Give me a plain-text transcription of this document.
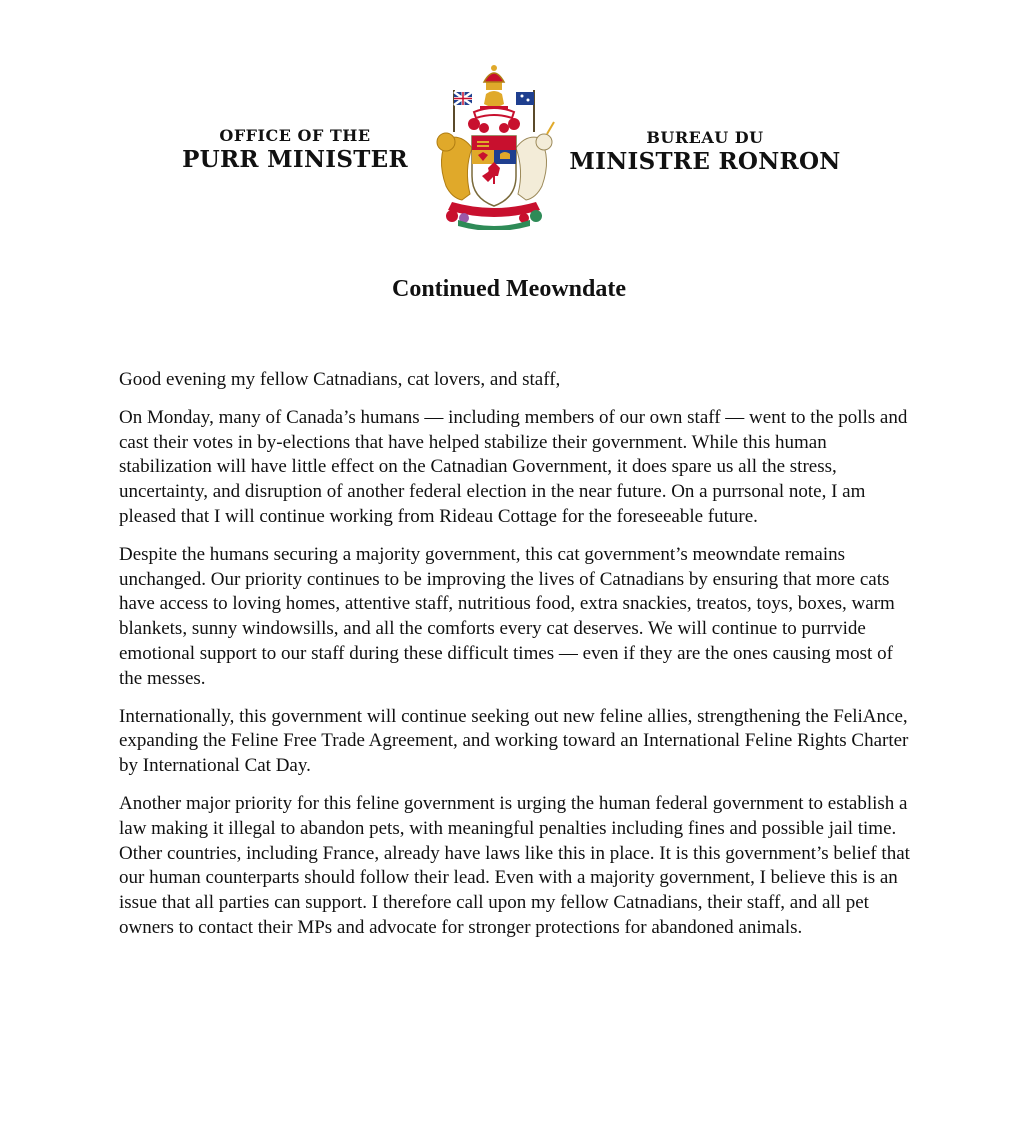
OFFICE OF THE
PURR MINISTER
BUREAU DU
MINISTRE RONRON
Continued Meowndate

Good evening my fellow Catnadians, cat lovers, and staff,

On Monday, many of Canada’s humans — including members of our own staff — went to the polls and cast their votes in by-elections that have helped stabilize their government. While this human stabilization will have little effect on the Catnadian Government, it does spare us all the stress, uncertainty, and disruption of another federal election in the near future. On a purrsonal note, I am pleased that I will continue working from Rideau Cottage for the foreseeable future.

Despite the humans securing a majority government, this cat government’s meowndate remains unchanged. Our priority continues to be improving the lives of Catnadians by ensuring that more cats have access to loving homes, attentive staff, nutritious food, extra snackies, treatos, toys, boxes, warm blankets, sunny windowsills, and all the comforts every cat deserves. We will continue to purrvide emotional support to our staff during these difficult times — even if they are the ones causing most of the messes.

Internationally, this government will continue seeking out new feline allies, strengthening the FeliAnce, expanding the Feline Free Trade Agreement, and working toward an International Feline Rights Charter by International Cat Day.

Another major priority for this feline government is urging the human federal government to establish a law making it illegal to abandon pets, with meaningful penalties including fines and possible jail time. Other countries, including France, already have laws like this in place. It is this government’s belief that our human counterparts should follow their lead. Even with a majority government, I believe this is an issue that all parties can support. I therefore call upon my fellow Catnadians, their staff, and all pet owners to contact their MPs and advocate for stronger protections for abandoned animals.
